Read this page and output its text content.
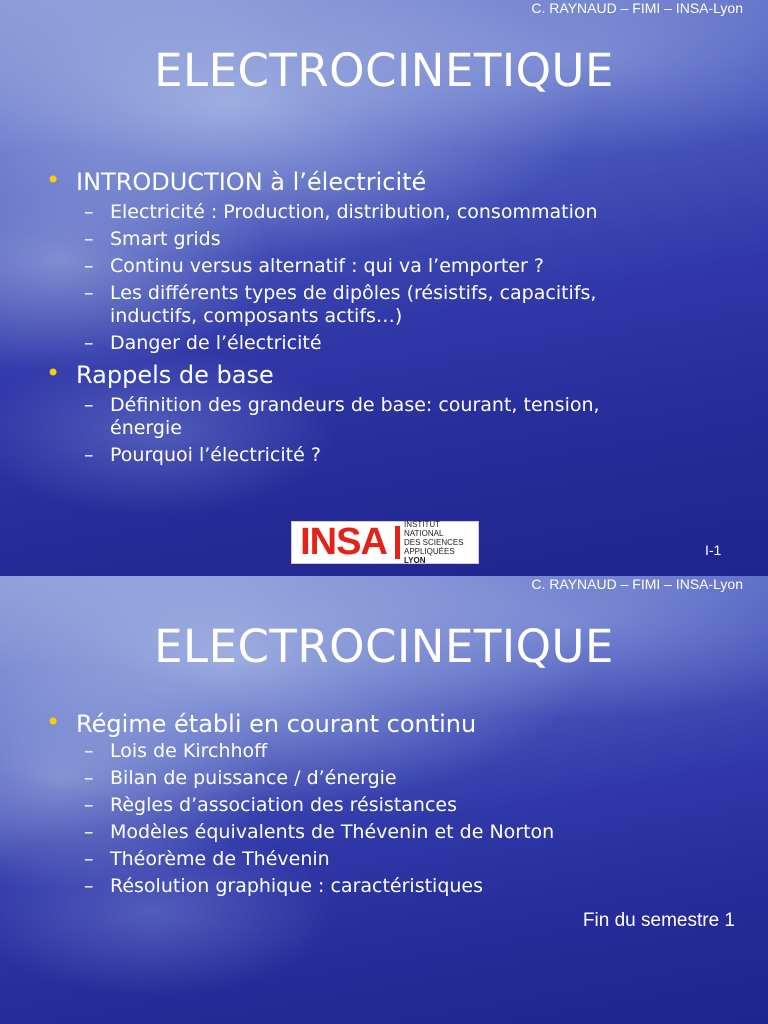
C. RAYNAUD – FIMI – INSA-Lyon
ELECTROCINETIQUE

• INTRODUCTION à l’électricité

– Electricité : Production, distribution, consommation

– Smart grids

– Continu versus alternatif : qui va l’emporter ?

– Les différents types de dipôles (résistifs, capacitifs,

inductifs, composants actifs…)

– Danger de l’électricité

• Rappels de base

– Définition des grandeurs de base: courant, tension,

énergie

– Pourquoi l’électricité ?

INSA	INSTITUT NATIONAL
DES SCIENCES
APPLIQUÉES
LYON
I-1
C. RAYNAUD – FIMI – INSA-Lyon
ELECTROCINETIQUE

• Régime établi en courant continu

– Lois de Kirchhoff

– Bilan de puissance / d’énergie

– Règles d’association des résistances

– Modèles équivalents de Thévenin et de Norton

– Théorème de Thévenin

– Résolution graphique : caractéristiques

Fin du semestre 1
